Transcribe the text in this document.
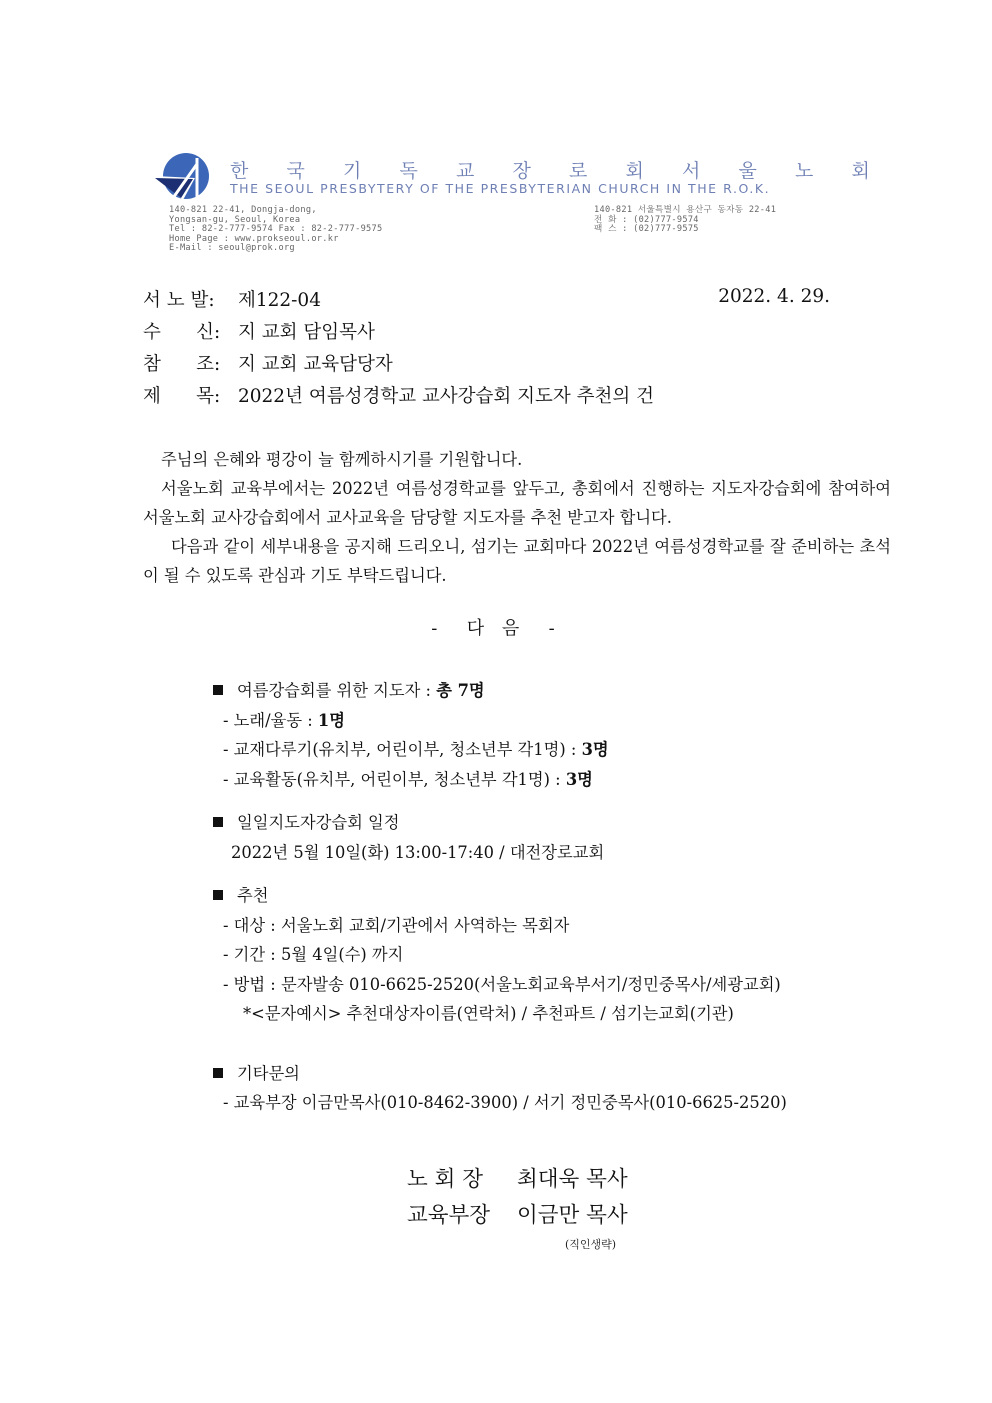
한 국 기 독 교 장 로 회 서 울 노 회
THE SEOUL PRESBYTERY OF THE PRESBYTERIAN CHURCH IN THE R.O.K.
140-821 22-41, Dongja-dong,
Yongsan-gu, Seoul, Korea
Tel : 82-2-777-9574 Fax : 82-2-777-9575
Home Page : www.prokseoul.or.kr
E-Mail : seoul@prok.org
140-821 서울특별시 용산구 동자동 22-41
전 화 : (02)777-9574
팩 스 : (02)777-9575
서 노 발:	제122-04	2022. 4. 29.
수      신: 지 교회 담임목사
참      조: 지 교회 교육담당자
제      목: 2022년 여름성경학교 교사강습회 지도자 추천의 건

주님의 은혜와 평강이 늘 함께하시기를 기원합니다.

서울노회 교육부에서는 2022년 여름성경학교를 앞두고, 총회에서 진행하는 지도자강습회에 참여하여 서울노회 교사강습회에서 교사교육을 담당할 지도자를 추천 받고자 합니다.

다음과 같이 세부내용을 공지해 드리오니, 섬기는 교회마다 2022년 여름성경학교를 잘 준비하는 초석이 될 수 있도록 관심과 기도 부탁드립니다.

-  다 음  -
여름강습회를 위한 지도자 : 총 7명
- 노래/율동 : 1명
- 교재다루기(유치부, 어린이부, 청소년부 각1명) : 3명
- 교육활동(유치부, 어린이부, 청소년부 각1명) : 3명
일일지도자강습회 일정
2022년 5월 10일(화) 13:00-17:40 / 대전장로교회
추천
- 대상 : 서울노회 교회/기관에서 사역하는 목회자
- 기간 : 5월 4일(수) 까지
- 방법 : 문자발송 010-6625-2520(서울노회교육부서기/정민중목사/세광교회)
*<문자예시> 추천대상자이름(연락처) / 추천파트 / 섬기는교회(기관)
기타문의
- 교육부장 이금만목사(010-8462-3900) / 서기 정민중목사(010-6625-2520)
노 회 장	최대욱 목사
교육부장	이금만 목사
(직인생략)
